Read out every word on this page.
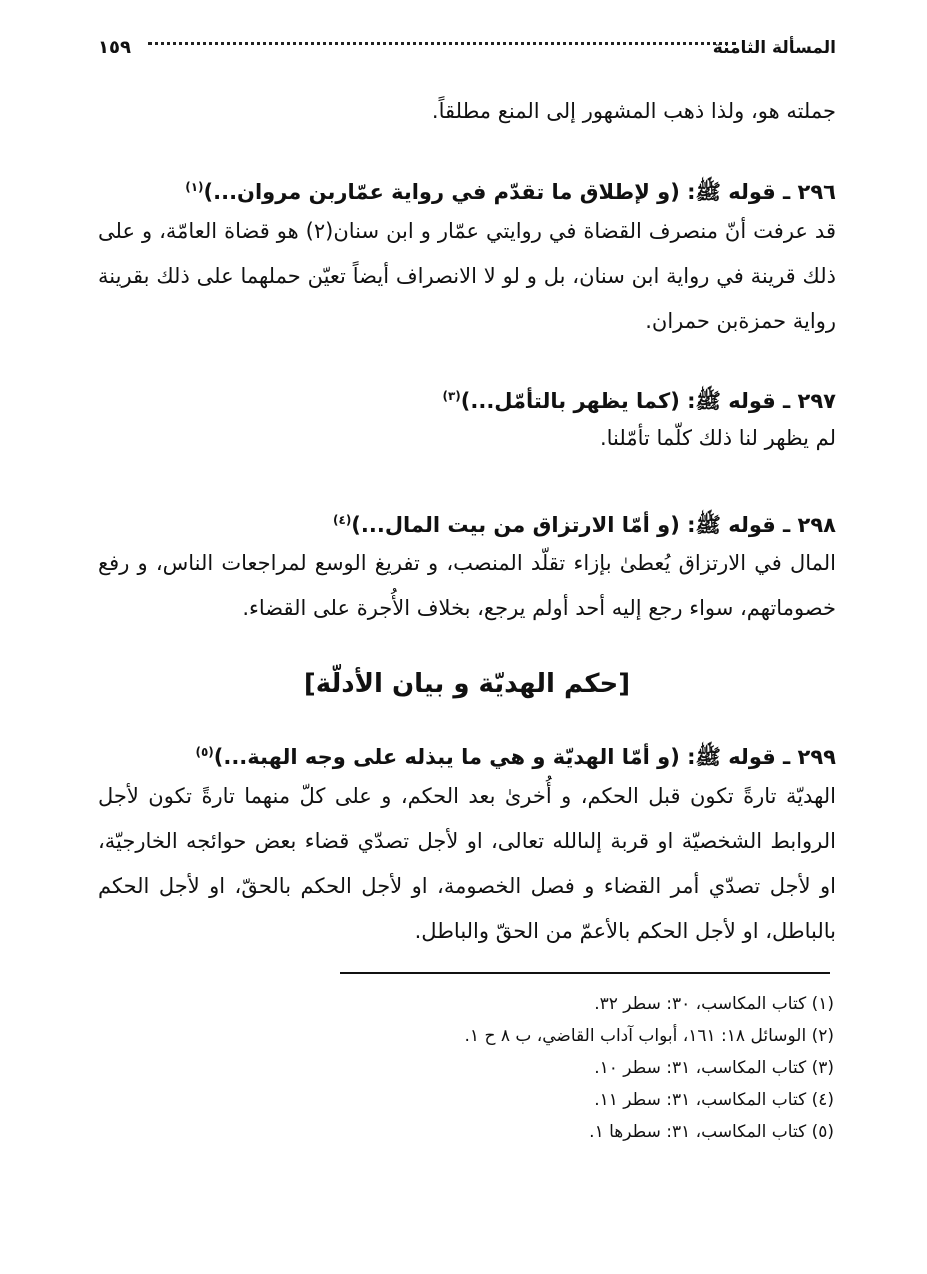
المسألة الثامنة
١٥٩
جملته هو، ولذا ذهب المشهور إلى المنع مطلقاً.
٢٩٦ ـ قوله ﷺ: (و لإطلاق ما تقدّم في رواية عمّاربن مروان...)$^{(١)}$
قد عرفت أنّ منصرف القضاة في روايتي عمّار و ابن سنان(٢) هو قضاة العامّة، و على ذلك قرينة في رواية ابن سنان، بل و لو لا الانصراف أيضاً تعيّن حملهما على ذلك بقرينة رواية حمزةبن حمران.
٢٩٧ ـ قوله ﷺ: (كما يظهر بالتأمّل...)$^{(٣)}$
لم يظهر لنا ذلك كلّما تأمّلنا.
٢٩٨ ـ قوله ﷺ: (و أمّا الارتزاق من بيت المال...)$^{(٤)}$
المال في الارتزاق يُعطىٰ بإزاء تقلّد المنصب، و تفريغ الوسع لمراجعات الناس، و رفع خصوماتهم، سواء رجع إليه أحد أولم يرجع، بخلاف الأُجرة على القضاء.
[حكم الهديّة و بيان الأدلّة]
٢٩٩ ـ قوله ﷺ: (و أمّا الهديّة و هي ما يبذله على وجه الهبة...)$^{(٥)}$
الهديّة تارةً تكون قبل الحكم، و أُخرىٰ بعد الحكم، و على كلّ منهما تارةً تكون لأجل الروابط الشخصيّة او قربة إلىالله تعالى، او لأجل تصدّي قضاء بعض حوائجه الخارجيّة، او لأجل تصدّي أمر القضاء و فصل الخصومة، او لأجل الحكم بالحقّ، او لأجل الحكم بالباطل، او لأجل الحكم بالأعمّ من الحقّ والباطل.
(١) كتاب المكاسب، ٣٠: سطر ٣٢.
(٢) الوسائل ١٨: ١٦١، أبواب آداب القاضي، ب ٨ ح ١.
(٣) كتاب المكاسب، ٣١: سطر ١٠.
(٤) كتاب المكاسب، ٣١: سطر ١١.
(٥) كتاب المكاسب، ٣١: سطرها ١.
